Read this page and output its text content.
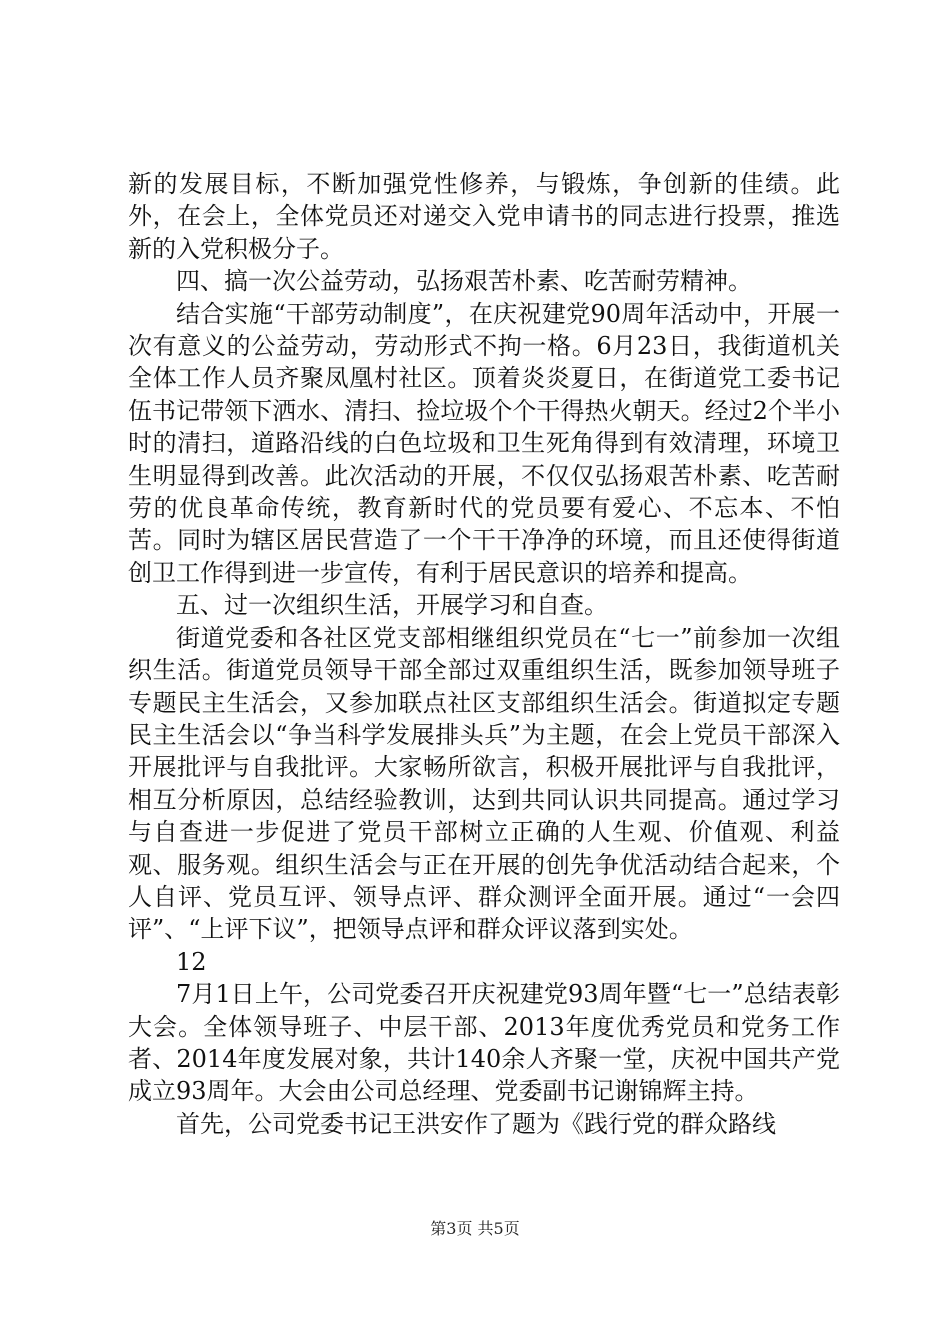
新的发展目标，不断加强党性修养，与锻炼，争创新的佳绩。此外，在会上，全体党员还对递交入党申请书的同志进行投票，推选新的入党积极分子。

四、搞一次公益劳动，弘扬艰苦朴素、吃苦耐劳精神。

结合实施“干部劳动制度”，在庆祝建党90周年活动中，开展一次有意义的公益劳动，劳动形式不拘一格。6月23日，我街道机关全体工作人员齐聚凤凰村社区。顶着炎炎夏日，在街道党工委书记伍书记带领下洒水、清扫、捡垃圾个个干得热火朝天。经过2个半小时的清扫，道路沿线的白色垃圾和卫生死角得到有效清理，环境卫生明显得到改善。此次活动的开展，不仅仅弘扬艰苦朴素、吃苦耐劳的优良革命传统，教育新时代的党员要有爱心、不忘本、不怕苦。同时为辖区居民营造了一个干干净净的环境，而且还使得街道创卫工作得到进一步宣传，有利于居民意识的培养和提高。

五、过一次组织生活，开展学习和自查。

街道党委和各社区党支部相继组织党员在“七一”前参加一次组织生活。街道党员领导干部全部过双重组织生活，既参加领导班子专题民主生活会，又参加联点社区支部组织生活会。街道拟定专题民主生活会以“争当科学发展排头兵”为主题，在会上党员干部深入开展批评与自我批评。大家畅所欲言，积极开展批评与自我批评，相互分析原因，总结经验教训，达到共同认识共同提高。通过学习与自查进一步促进了党员干部树立正确的人生观、价值观、利益观、服务观。组织生活会与正在开展的创先争优活动结合起来，个人自评、党员互评、领导点评、群众测评全面开展。通过“一会四评”、“上评下议”，把领导点评和群众评议落到实处。

12

7月1日上午，公司党委召开庆祝建党93周年暨“七一”总结表彰大会。全体领导班子、中层干部、2013年度优秀党员和党务工作者、2014年度发展对象，共计140余人齐聚一堂，庆祝中国共产党成立93周年。大会由公司总经理、党委副书记谢锦辉主持。

首先，公司党委书记王洪安作了题为《践行党的群众路线

第3页 共5页
